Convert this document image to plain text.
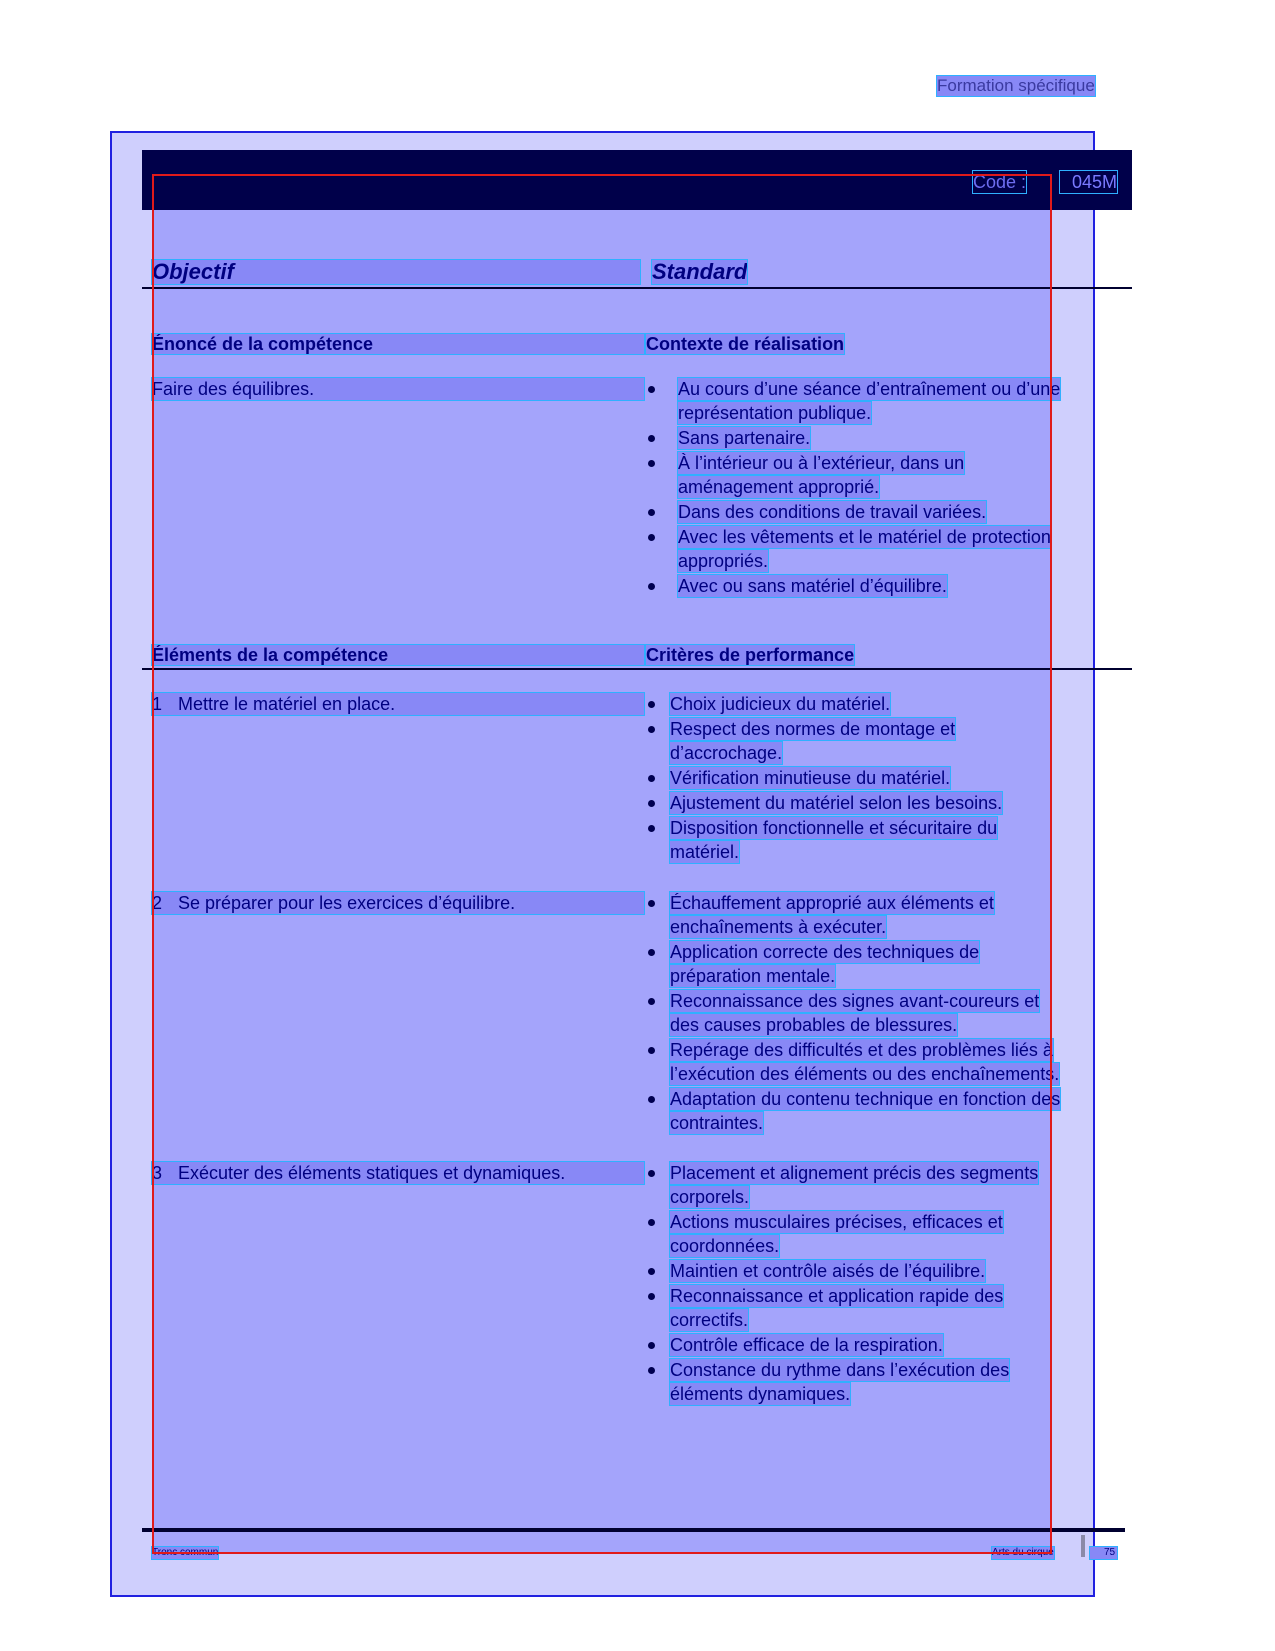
Formation spécifique
Code :	045M
Objectif	Standard
Énoncé de la compétence	Contexte de réalisation
Faire des équilibres.	Au cours d’une séance d’entraînement ou d’une
représentation publique.
Sans partenaire.
À l’intérieur ou à l’extérieur, dans un
aménagement approprié.
Dans des conditions de travail variées.
Avec les vêtements et le matériel de protection
appropriés.
Avec ou sans matériel d’équilibre.
Éléments de la compétence	Critères de performance
1 Mettre le matériel en place.	Choix judicieux du matériel.
Respect des normes de montage et
d’accrochage.
Vérification minutieuse du matériel.
Ajustement du matériel selon les besoins.
Disposition fonctionnelle et sécuritaire du
matériel.
2 Se préparer pour les exercices d’équilibre.	Échauffement approprié aux éléments et
enchaînements à exécuter.
Application correcte des techniques de
préparation mentale.
Reconnaissance des signes avant-coureurs et
des causes probables de blessures.
Repérage des difficultés et des problèmes liés à
l’exécution des éléments ou des enchaînements.
Adaptation du contenu technique en fonction des
contraintes.
3 Exécuter des éléments statiques et dynamiques.	Placement et alignement précis des segments
corporels.
Actions musculaires précises, efficaces et
coordonnées.
Maintien et contrôle aisés de l’équilibre.
Reconnaissance et application rapide des
correctifs.
Contrôle efficace de la respiration.
Constance du rythme dans l’exécution des
éléments dynamiques.
Tronc commun	Arts du cirque	75
